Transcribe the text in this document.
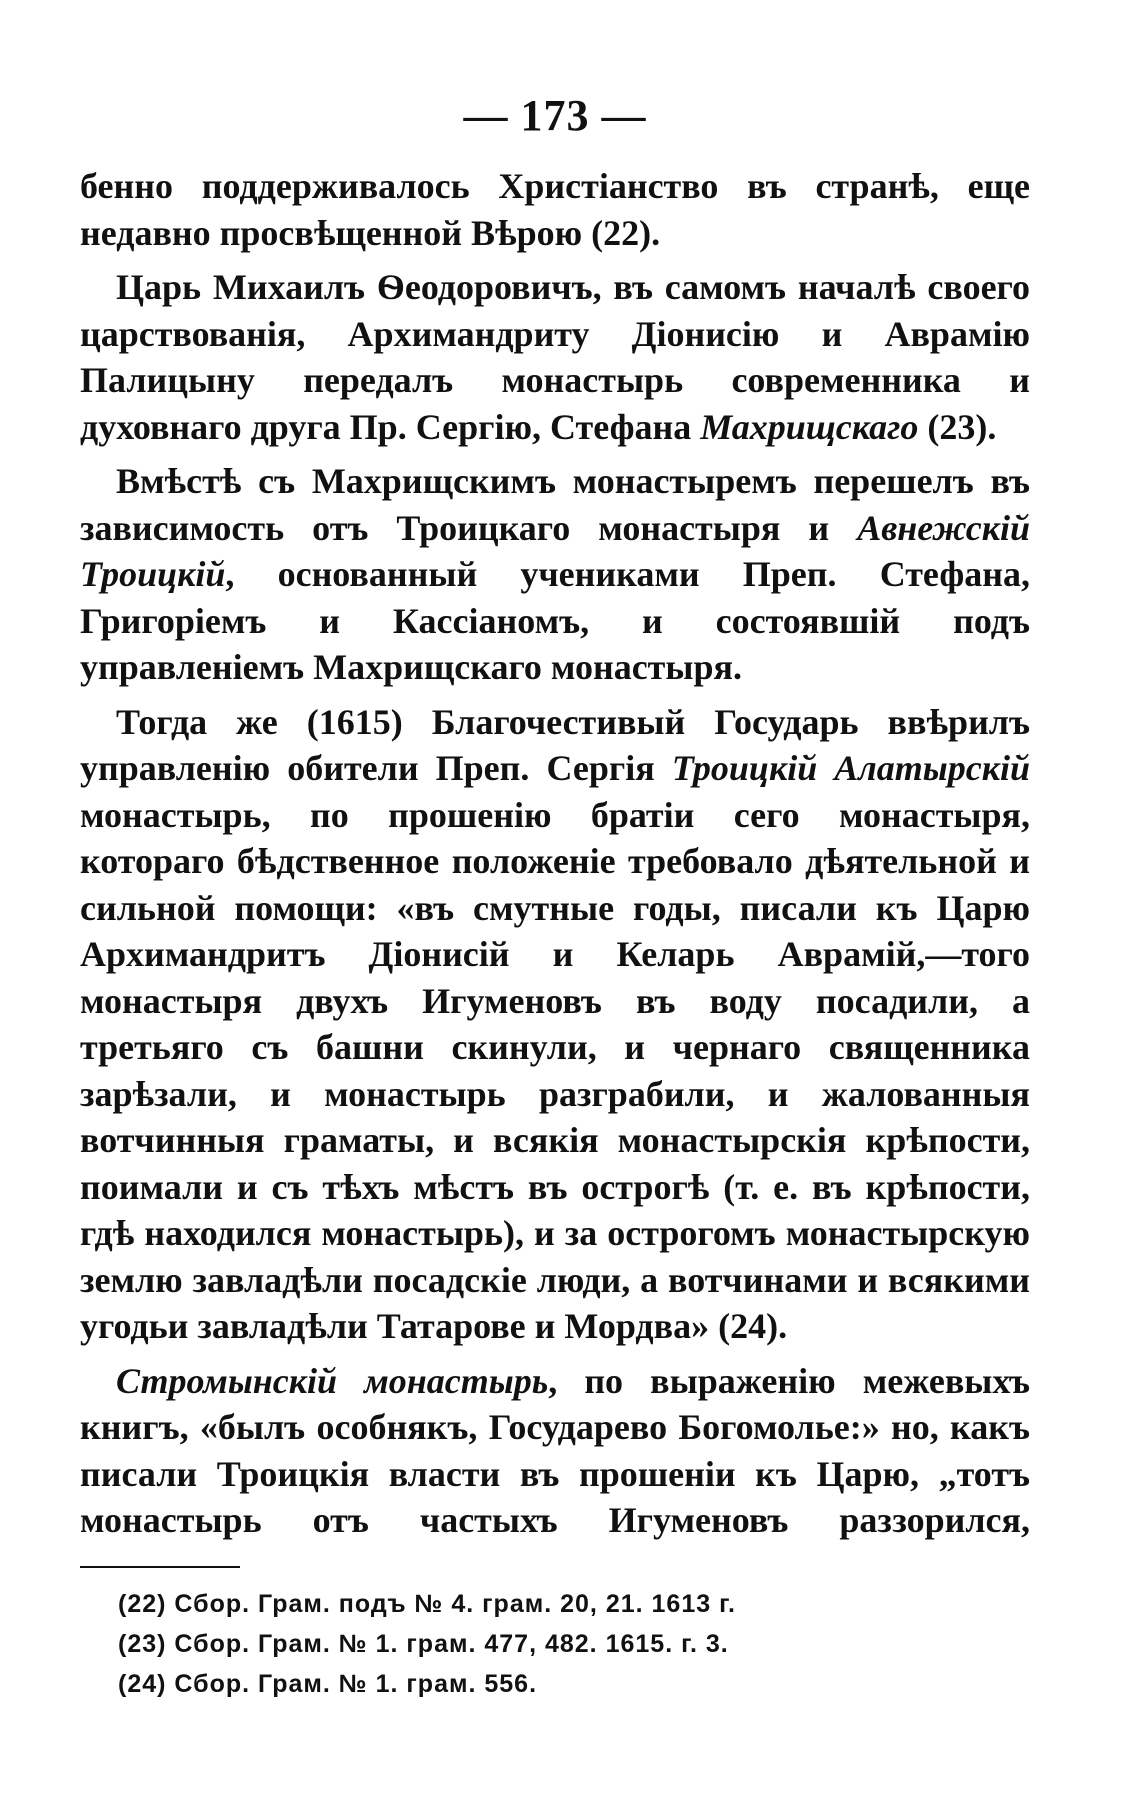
— 173 —

бенно поддерживалось Христіанство въ странѣ, еще недавно просвѣщенной Вѣрою (22).

Царь Михаилъ Ѳеодоровичъ, въ самомъ началѣ своего царствованія, Архимандриту Діонисію и Аврамію Палицыну передалъ монастырь современника и духовнаго друга Пр. Сергію, Стефана Махрищскаго (23).

Вмѣстѣ съ Махрищскимъ монастыремъ перешелъ въ зависимость отъ Троицкаго монастыря и Авнежскій Троицкій, основанный учениками Преп. Стефана, Григоріемъ и Кассіаномъ, и состоявшій подъ управленіемъ Махрищскаго монастыря.

Тогда же (1615) Благочестивый Государь ввѣрилъ управленію обители Преп. Сергія Троицкій Алатырскій монастырь, по прошенію братіи сего монастыря, котораго бѣдственное положеніе требовало дѣятельной и сильной помощи: «въ смутные годы, писали къ Царю Архимандритъ Діонисій и Келарь Аврамій,—того монастыря двухъ Игуменовъ въ воду посадили, а третьяго съ башни скинули, и чернаго священника зарѣзали, и монастырь разграбили, и жалованныя вотчинныя граматы, и всякія монастырскія крѣпости, поимали и съ тѣхъ мѣстъ въ острогѣ (т. е. въ крѣпости, гдѣ находился монастырь), и за острогомъ монастырскую землю завладѣли посадскіе люди, а вотчинами и всякими угодьи завладѣли Татарове и Мордва» (24).

Стромынскій монастырь, по выраженію межевыхъ книгъ, «былъ особнякъ, Государево Богомолье:» но, какъ писали Троицкія власти въ прошеніи къ Царю, „тотъ монастырь отъ частыхъ Игуменовъ раззорился,

(22) Сбор. Грам. подъ № 4. грам. 20, 21. 1613 г.

(23) Сбор. Грам. № 1. грам. 477, 482. 1615. г. 3.

(24) Сбор. Грам. № 1. грам. 556.
